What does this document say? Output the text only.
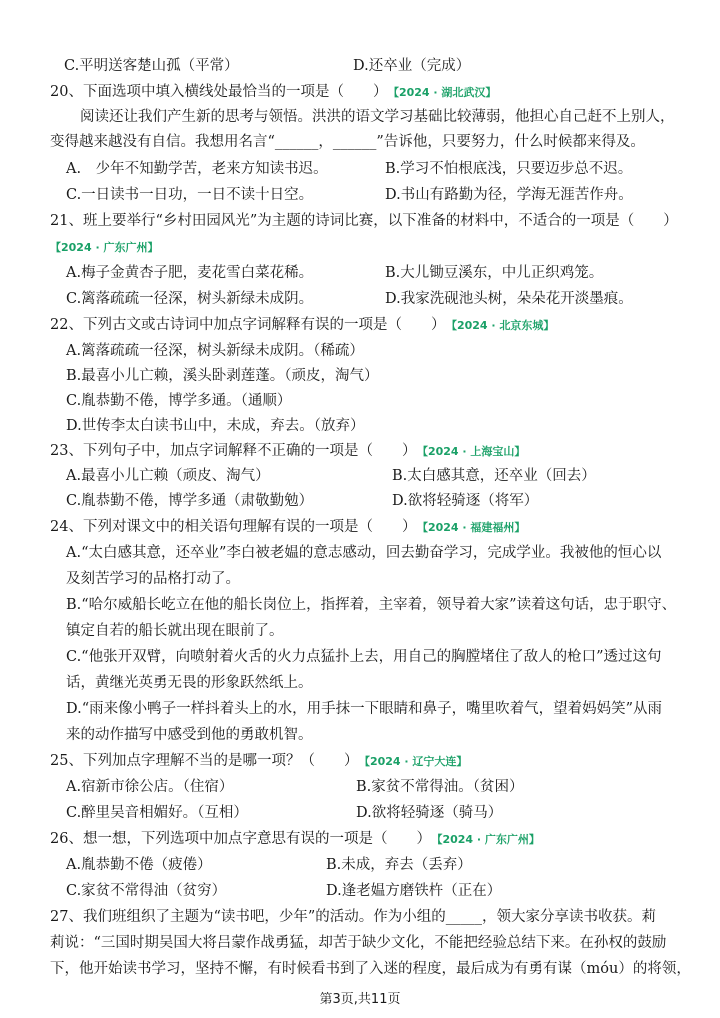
C.平明送客楚山孤（平常）	D.还卒业（完成）
20、下面选项中填入横线处最恰当的一项是（　　） 【2024 · 湖北武汉】
阅读还让我们产生新的思考与领悟。洪洪的语文学习基础比较薄弱，他担心自己赶不上别人，
变得越来越没有自信。我想用名言“______，______”告诉他，只要努力，什么时候都来得及。
A.　少年不知勤学苦，老来方知读书迟。	B.学习不怕根底浅，只要迈步总不迟。
C.一日读书一日功，一日不读十日空。	D.书山有路勤为径，学海无涯苦作舟。
21、班上要举行“乡村田园风光”为主题的诗词比赛，以下准备的材料中，不适合的一项是（　　）
【2024 · 广东广州】
A.梅子金黄杏子肥，麦花雪白菜花稀。	B.大儿锄豆溪东，中儿正织鸡笼。
C.篱落疏疏一径深，树头新绿未成阴。	D.我家洗砚池头树，朵朵花开淡墨痕。
22、下列古文或古诗词中加点字词解释有误的一项是（　　） 【2024 · 北京东城】
A.篱落疏疏一径深，树头新绿未成阴。（稀疏）
B.最喜小儿亡赖，溪头卧剥莲蓬。（顽皮，淘气）
C.胤恭勤不倦，博学多通。（通顺）
D.世传李太白读书山中，未成，弃去。（放弃）
23、下列句子中，加点字词解释不正确的一项是（　　） 【2024 · 上海宝山】
A.最喜小儿亡赖（顽皮、淘气）	B.太白感其意，还卒业（回去）
C.胤恭勤不倦，博学多通（肃敬勤勉）	D.欲将轻骑逐（将军）
24、下列对课文中的相关语句理解有误的一项是（　　） 【2024 · 福建福州】
A.“太白感其意，还卒业”李白被老媪的意志感动，回去勤奋学习，完成学业。我被他的恒心以
及刻苦学习的品格打动了。
B.“哈尔威船长屹立在他的船长岗位上，指挥着，主宰着，领导着大家”读着这句话，忠于职守、
镇定自若的船长就出现在眼前了。
C.“他张开双臂，向喷射着火舌的火力点猛扑上去，用自己的胸膛堵住了敌人的枪口”透过这句
话，黄继光英勇无畏的形象跃然纸上。
D.“雨来像小鸭子一样抖着头上的水，用手抹一下眼睛和鼻子，嘴里吹着气，望着妈妈笑”从雨
来的动作描写中感受到他的勇敢机智。
25、下列加点字理解不当的是哪一项？（　　） 【2024 · 辽宁大连】
A.宿新市徐公店。（住宿）	B.家贫不常得油。（贫困）
C.醉里吴音相媚好。（互相）	D.欲将轻骑逐（骑马）
26、想一想，下列选项中加点字意思有误的一项是（　　） 【2024 · 广东广州】
A.胤恭勤不倦（疲倦）	B.未成，弃去（丢弃）
C.家贫不常得油（贫穷）	D.逢老媪方磨铁杵（正在）
27、我们班组织了主题为“读书吧，少年”的活动。作为小组的_____，领大家分享读书收获。莉
莉说：“三国时期吴国大将吕蒙作战勇猛，却苦于缺少文化，不能把经验总结下来。在孙权的鼓励
下，他开始读书学习，坚持不懈，有时候看书到了入迷的程度，最后成为有勇有谋（móu）的将领，
第3页,共11页
